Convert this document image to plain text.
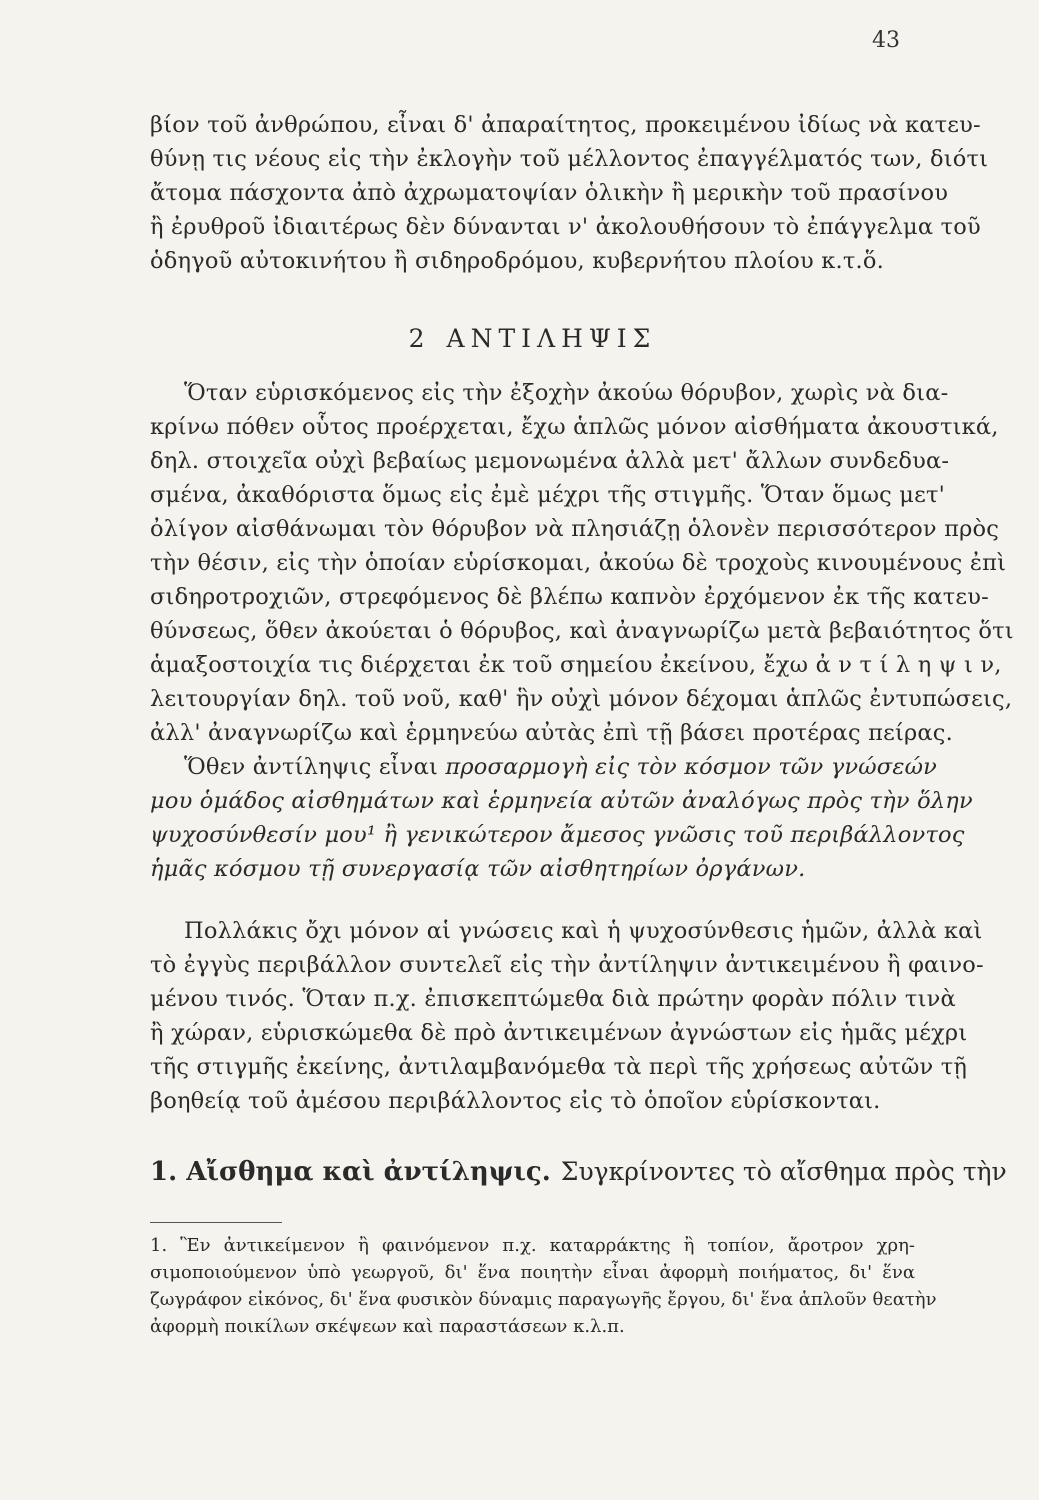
43
βίον τοῦ ἀνθρώπου, εἶναι δ' ἀπαραίτητος, προκειμένου ἰδίως νὰ κατευ-
θύνῃ τις νέους εἰς τὴν ἐκλογὴν τοῦ μέλλοντος ἐπαγγέλματός των, διότι
ἄτομα πάσχοντα ἀπὸ ἀχρωματοψίαν ὁλικὴν ἢ μερικὴν τοῦ πρασίνου
ἢ ἐρυθροῦ ἰδιαιτέρως δὲν δύνανται ν' ἀκολουθήσουν τὸ ἐπάγγελμα τοῦ
ὁδηγοῦ αὐτοκινήτου ἢ σιδηροδρόμου, κυβερνήτου πλοίου κ.τ.ὅ.
2 ΑΝΤΙΛΗΨΙΣ
Ὅταν εὑρισκόμενος εἰς τὴν ἐξοχὴν ἀκούω θόρυβον, χωρὶς νὰ δια-
κρίνω πόθεν οὗτος προέρχεται, ἔχω ἁπλῶς μόνον αἰσθήματα ἀκουστικά,
δηλ. στοιχεῖα οὐχὶ βεβαίως μεμονωμένα ἀλλὰ μετ' ἄλλων συνδεδυα-
σμένα, ἀκαθόριστα ὅμως εἰς ἐμὲ μέχρι τῆς στιγμῆς. Ὅταν ὅμως μετ'
ὀλίγον αἰσθάνωμαι τὸν θόρυβον νὰ πλησιάζῃ ὁλονὲν περισσότερον πρὸς
τὴν θέσιν, εἰς τὴν ὁποίαν εὑρίσκομαι, ἀκούω δὲ τροχοὺς κινουμένους ἐπὶ
σιδηροτροχιῶν, στρεφόμενος δὲ βλέπω καπνὸν ἐρχόμενον ἐκ τῆς κατευ-
θύνσεως, ὅθεν ἀκούεται ὁ θόρυβος, καὶ ἀναγνωρίζω μετὰ βεβαιότητος ὅτι
ἁμαξοστοιχία τις διέρχεται ἐκ τοῦ σημείου ἐκείνου, ἔχω ἀ ν τ ί λ η ψ ι ν,
λειτουργίαν δηλ. τοῦ νοῦ, καθ' ἣν οὐχὶ μόνον δέχομαι ἁπλῶς ἐντυπώσεις,
ἀλλ' ἀναγνωρίζω καὶ ἑρμηνεύω αὐτὰς ἐπὶ τῇ βάσει προτέρας πείρας.
Ὅθεν ἀντίληψις εἶναι προσαρμογὴ εἰς τὸν κόσμον τῶν γνώσεών
μου ὁμάδος αἰσθημάτων καὶ ἑρμηνεία αὐτῶν ἀναλόγως πρὸς τὴν ὅλην
ψυχοσύνθεσίν μου¹ ἢ γενικώτερον ἄμεσος γνῶσις τοῦ περιβάλλοντος
ἡμᾶς κόσμου τῇ συνεργασίᾳ τῶν αἰσθητηρίων ὀργάνων.
Πολλάκις ὄχι μόνον αἱ γνώσεις καὶ ἡ ψυχοσύνθεσις ἡμῶν, ἀλλὰ καὶ
τὸ ἐγγὺς περιβάλλον συντελεῖ εἰς τὴν ἀντίληψιν ἀντικειμένου ἢ φαινο-
μένου τινός. Ὅταν π.χ. ἐπισκεπτώμεθα διὰ πρώτην φορὰν πόλιν τινὰ
ἢ χώραν, εὑρισκώμεθα δὲ πρὸ ἀντικειμένων ἀγνώστων εἰς ἡμᾶς μέχρι
τῆς στιγμῆς ἐκείνης, ἀντιλαμβανόμεθα τὰ περὶ τῆς χρήσεως αὐτῶν τῇ
βοηθείᾳ τοῦ ἀμέσου περιβάλλοντος εἰς τὸ ὁποῖον εὑρίσκονται.
1. Αἴσθημα καὶ ἀντίληψις. Συγκρίνοντες τὸ αἴσθημα πρὸς τὴν
1. Ἓν ἀντικείμενον ἢ φαινόμενον π.χ. καταρράκτης ἢ τοπίον, ἄροτρον χρη-
σιμοποιούμενον ὑπὸ γεωργοῦ, δι' ἕνα ποιητὴν εἶναι ἀφορμὴ ποιήματος, δι' ἕνα
ζωγράφον εἰκόνος, δι' ἕνα φυσικὸν δύναμις παραγωγῆς ἔργου, δι' ἕνα ἁπλοῦν θεατὴν
ἀφορμὴ ποικίλων σκέψεων καὶ παραστάσεων κ.λ.π.
